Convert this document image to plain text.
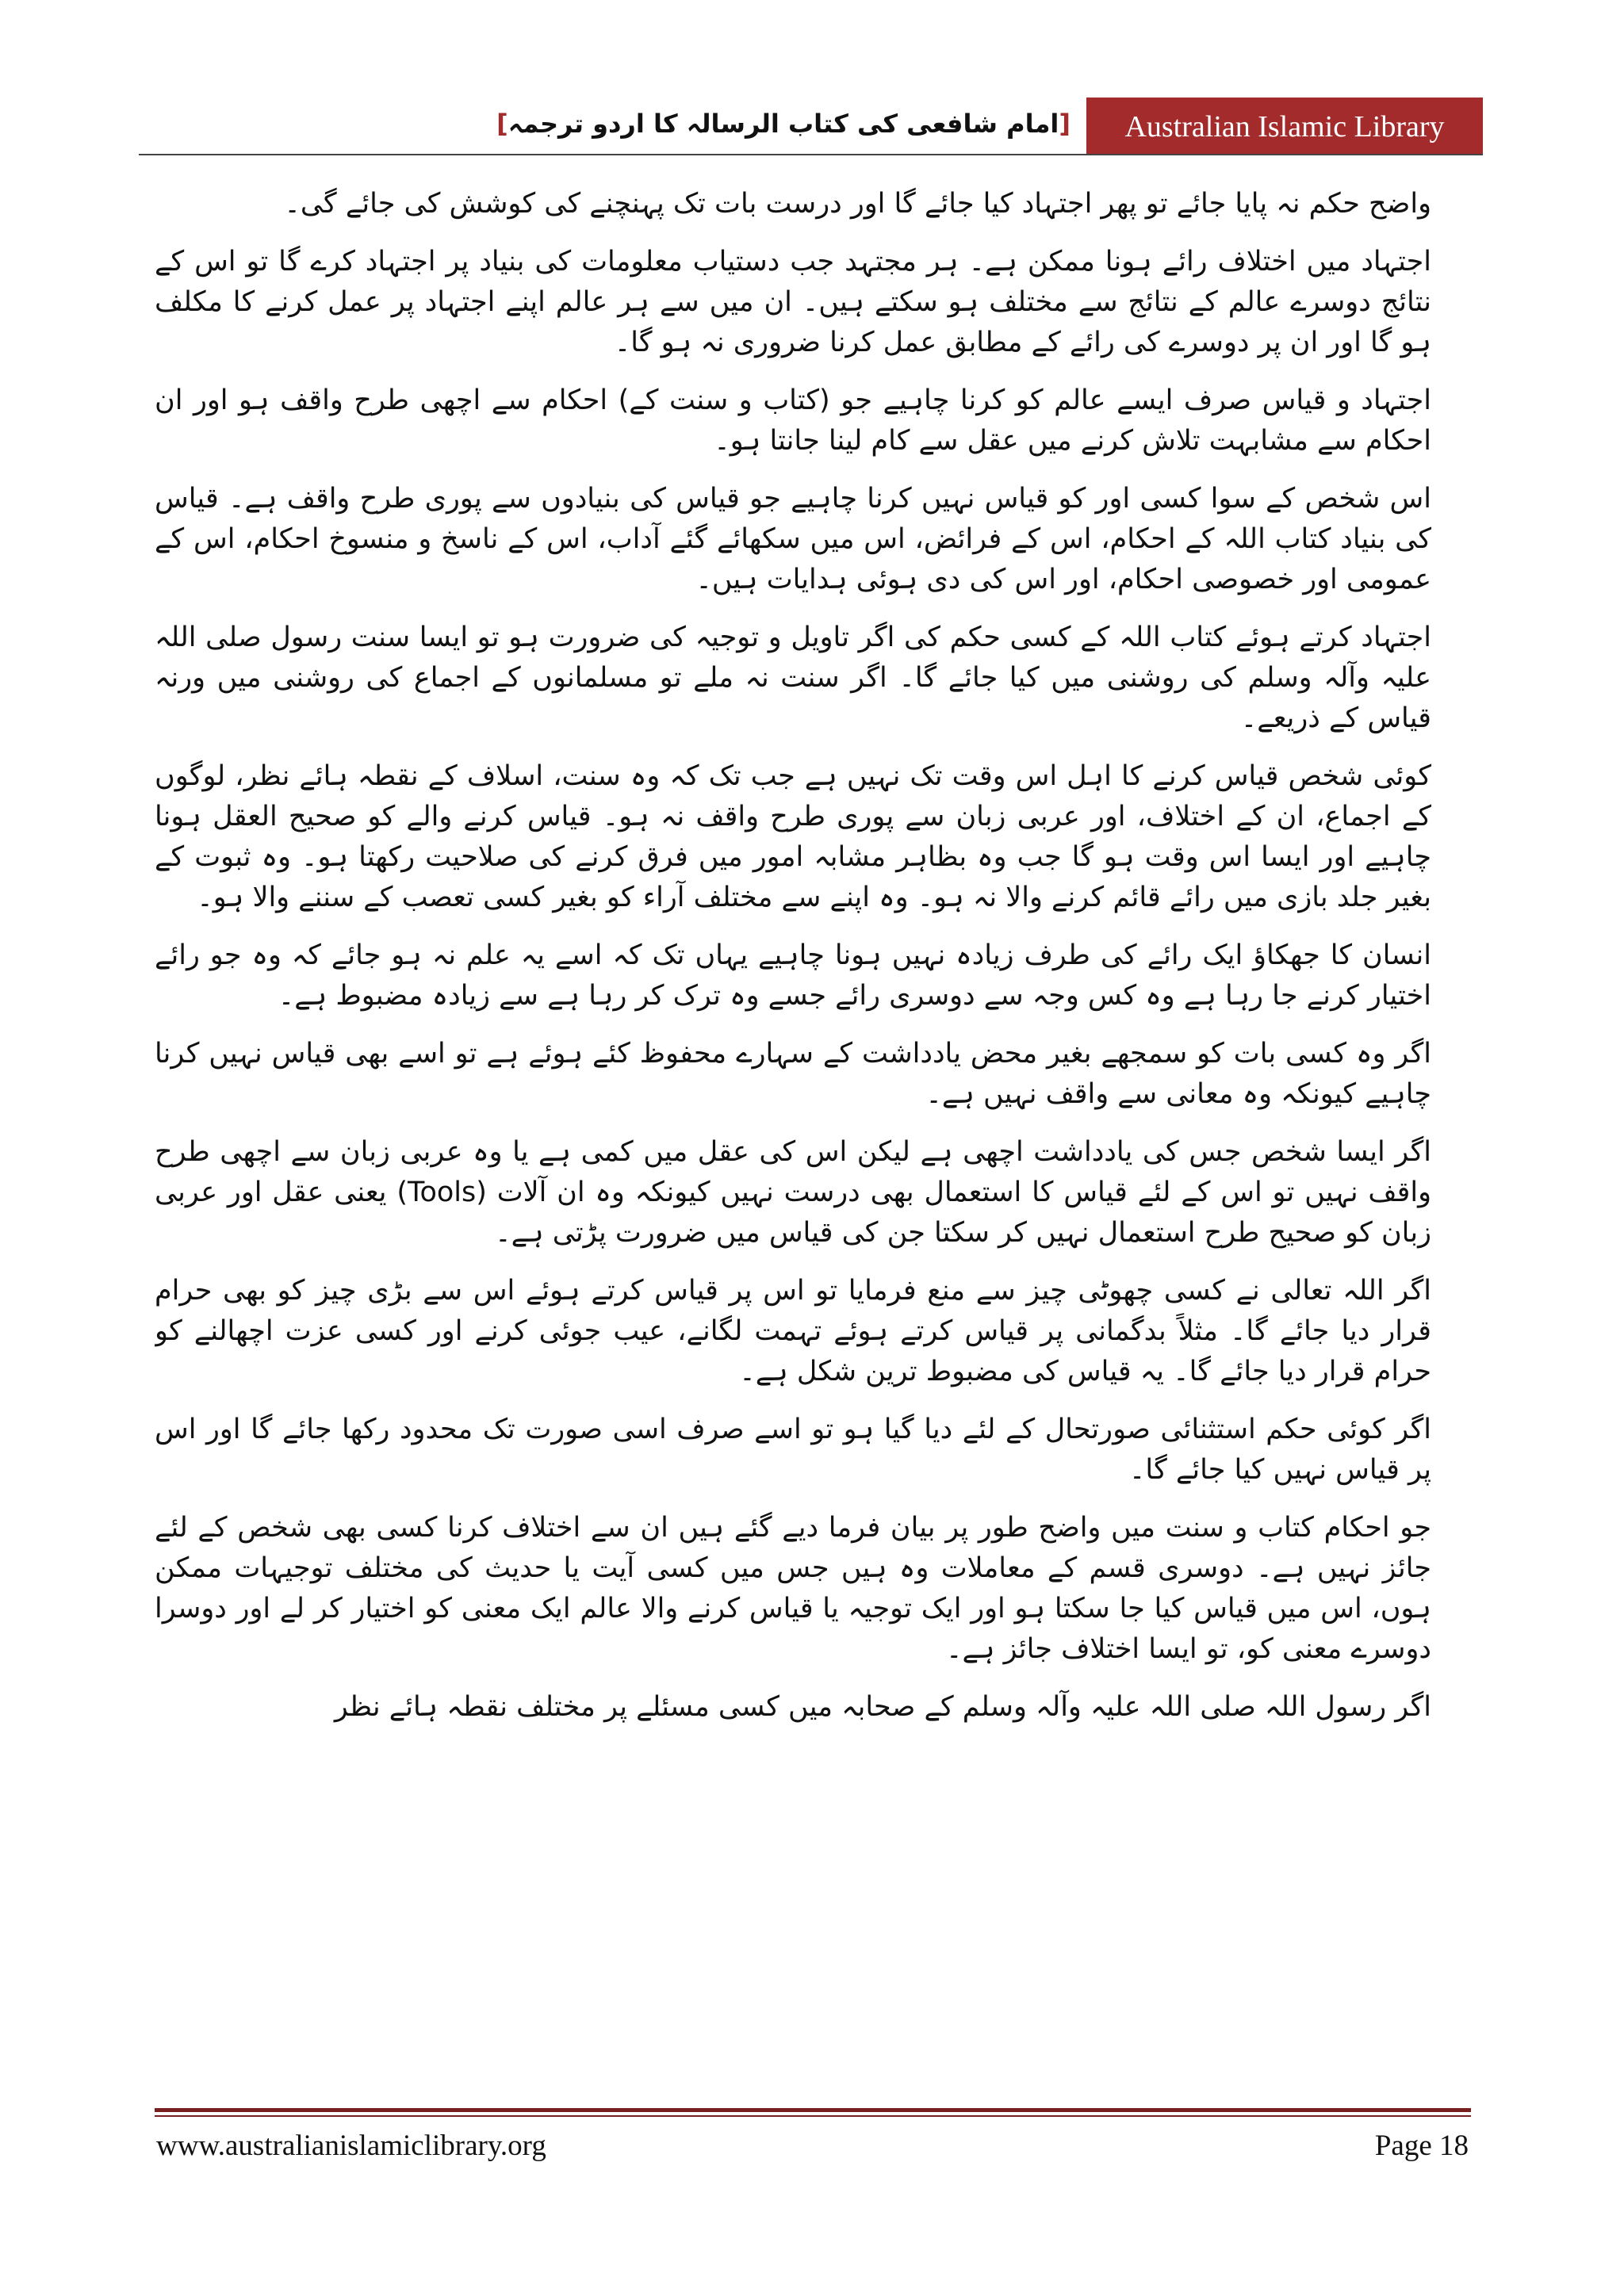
[امام شافعی کی کتاب الرسالہ کا اردو ترجمہ]	Australian Islamic Library

واضح حکم نہ پایا جائے تو پھر اجتہاد کیا جائے گا اور درست بات تک پہنچنے کی کوشش کی جائے گی۔

● اجتہاد میں اختلاف رائے ہونا ممکن ہے۔ ہر مجتہد جب دستیاب معلومات کی بنیاد پر اجتہاد کرے گا تو اس کے نتائج دوسرے عالم کے نتائج سے مختلف ہو سکتے ہیں۔ ان میں سے ہر عالم اپنے اجتہاد پر عمل کرنے کا مکلف ہو گا اور ان پر دوسرے کی رائے کے مطابق عمل کرنا ضروری نہ ہو گا۔
● اجتہاد و قیاس صرف ایسے عالم کو کرنا چاہیے جو (کتاب و سنت کے) احکام سے اچھی طرح واقف ہو اور ان احکام سے مشابہت تلاش کرنے میں عقل سے کام لینا جانتا ہو۔
● اس شخص کے سوا کسی اور کو قیاس نہیں کرنا چاہیے جو قیاس کی بنیادوں سے پوری طرح واقف ہے۔ قیاس کی بنیاد کتاب اللہ کے احکام، اس کے فرائض، اس میں سکھائے گئے آداب، اس کے ناسخ و منسوخ احکام، اس کے عمومی اور خصوصی احکام، اور اس کی دی ہوئی ہدایات ہیں۔
● اجتہاد کرتے ہوئے کتاب اللہ کے کسی حکم کی اگر تاویل و توجیہ کی ضرورت ہو تو ایسا سنت رسول صلی اللہ علیہ وآلہ وسلم کی روشنی میں کیا جائے گا۔ اگر سنت نہ ملے تو مسلمانوں کے اجماع کی روشنی میں ورنہ قیاس کے ذریعے۔
● کوئی شخص قیاس کرنے کا اہل اس وقت تک نہیں ہے جب تک کہ وہ سنت، اسلاف کے نقطہ ہائے نظر، لوگوں کے اجماع، ان کے اختلاف، اور عربی زبان سے پوری طرح واقف نہ ہو۔ قیاس کرنے والے کو صحیح العقل ہونا چاہیے اور ایسا اس وقت ہو گا جب وہ بظاہر مشابہ امور میں فرق کرنے کی صلاحیت رکھتا ہو۔ وہ ثبوت کے بغیر جلد بازی میں رائے قائم کرنے والا نہ ہو۔ وہ اپنے سے مختلف آراء کو بغیر کسی تعصب کے سننے والا ہو۔
● انسان کا جھکاؤ ایک رائے کی طرف زیادہ نہیں ہونا چاہیے یہاں تک کہ اسے یہ علم نہ ہو جائے کہ وہ جو رائے اختیار کرنے جا رہا ہے وہ کس وجہ سے دوسری رائے جسے وہ ترک کر رہا ہے سے زیادہ مضبوط ہے۔
● اگر وہ کسی بات کو سمجھے بغیر محض یادداشت کے سہارے محفوظ کئے ہوئے ہے تو اسے بھی قیاس نہیں کرنا چاہیے کیونکہ وہ معانی سے واقف نہیں ہے۔
● اگر ایسا شخص جس کی یادداشت اچھی ہے لیکن اس کی عقل میں کمی ہے یا وہ عربی زبان سے اچھی طرح واقف نہیں تو اس کے لئے قیاس کا استعمال بھی درست نہیں کیونکہ وہ ان آلات (Tools) یعنی عقل اور عربی زبان کو صحیح طرح استعمال نہیں کر سکتا جن کی قیاس میں ضرورت پڑتی ہے۔
● اگر اللہ تعالی نے کسی چھوٹی چیز سے منع فرمایا تو اس پر قیاس کرتے ہوئے اس سے بڑی چیز کو بھی حرام قرار دیا جائے گا۔ مثلاً بدگمانی پر قیاس کرتے ہوئے تہمت لگانے، عیب جوئی کرنے اور کسی عزت اچھالنے کو حرام قرار دیا جائے گا۔ یہ قیاس کی مضبوط ترین شکل ہے۔
● اگر کوئی حکم استثنائی صورتحال کے لئے دیا گیا ہو تو اسے صرف اسی صورت تک محدود رکھا جائے گا اور اس پر قیاس نہیں کیا جائے گا۔
● جو احکام کتاب و سنت میں واضح طور پر بیان فرما دیے گئے ہیں ان سے اختلاف کرنا کسی بھی شخص کے لئے جائز نہیں ہے۔ دوسری قسم کے معاملات وہ ہیں جس میں کسی آیت یا حدیث کی مختلف توجیہات ممکن ہوں، اس میں قیاس کیا جا سکتا ہو اور ایک توجیہ یا قیاس کرنے والا عالم ایک معنی کو اختیار کر لے اور دوسرا دوسرے معنی کو، تو ایسا اختلاف جائز ہے۔
● اگر رسول اللہ صلی اللہ علیہ وآلہ وسلم کے صحابہ میں کسی مسئلے پر مختلف نقطہ ہائے نظر
www.australianislamiclibrary.org	Page 18
